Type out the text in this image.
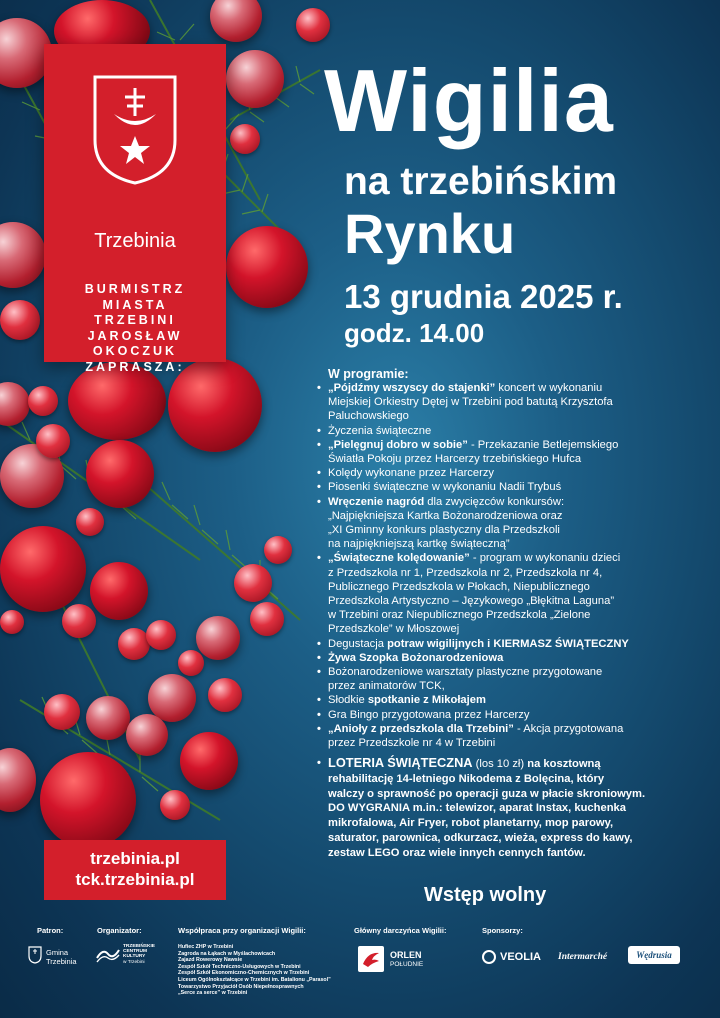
Trzebinia
BURMISTRZ
MIASTA
TRZEBINI
JAROSŁAW
OKOCZUK
ZAPRASZA:
Wigilia
na trzebińskim
Rynku
13 grudnia 2025 r.
godz. 14.00
W programie:
• „Pójdźmy wszyscy do stajenki” koncert w wykonaniu
Miejskiej Orkiestry Dętej w Trzebini pod batutą Krzysztofa
Paluchowskiego
• Życzenia świąteczne
• „Pielęgnuj dobro w sobie” - Przekazanie Betlejemskiego
Światła Pokoju przez Harcerzy trzebińskiego Hufca
• Kolędy wykonane przez Harcerzy
• Piosenki świąteczne w wykonaniu Nadii Trybuś
• Wręczenie nagród dla zwycięzców konkursów:
„Najpiękniejsza Kartka Bożonarodzeniowa oraz
„XI Gminny konkurs plastyczny dla Przedszkoli
na najpiękniejszą kartkę świąteczną”
• „Świąteczne kolędowanie” - program w wykonaniu dzieci
z Przedszkola nr 1, Przedszkola nr 2, Przedszkola nr 4,
Publicznego Przedszkola w Płokach, Niepublicznego
Przedszkola Artystyczno – Językowego „Błękitna Laguna”
w Trzebini oraz Niepublicznego Przedszkola „Zielone
Przedszkole” w Młoszowej
• Degustacja potraw wigilijnych i KIERMASZ ŚWIĄTECZNY
• Żywa Szopka Bożonarodzeniowa
• Bożonarodzeniowe warsztaty plastyczne przygotowane
przez animatorów TCK,
• Słodkie spotkanie z Mikołajem
• Gra Bingo przygotowana przez Harcerzy
• „Anioły z przedszkola dla Trzebini” - Akcja przygotowana
przez Przedszkole nr 4 w Trzebini
• LOTERIA ŚWIĄTECZNA (los 10 zł) na kosztowną
rehabilitację 14-letniego Nikodema z Bolęcina, który
walczy o sprawność po operacji guza w płacie skroniowym.
DO WYGRANIA m.in.: telewizor, aparat Instax, kuchenka
mikrofalowa, Air Fryer, robot planetarny, mop parowy,
saturator, parownica, odkurzacz, wieża, express do kawy,
zestaw LEGO oraz wiele innych cennych fantów.
trzebinia.pl
tck.trzebinia.pl
Wstęp wolny
Patron:	Organizator:	Współpraca przy organizacji Wigilii:	Główny darczyńca Wigilii:	Sponsorzy:
Gmina
Trzebinia
TRZEBIŃSKIE
CENTRUM
KULTURY
w Trzebini
Hufiec ZHP w Trzebini
Zagroda na Łąkach w Myślachowicach
Zajazd Rowerowy Nawsie
Zespół Szkół Techniczno-Usługowych w Trzebini
Zespół Szkół Ekonomiczno-Chemicznych w Trzebini
Liceum Ogólnokształcące w Trzebini im. Batalionu „Parasol”
Towarzystwo Przyjaciół Osób Niepełnosprawnych
„Serce za serce” w Trzebini
ORLEN
POŁUDNIE
VEOLIA Intermarché	Wędrusia
